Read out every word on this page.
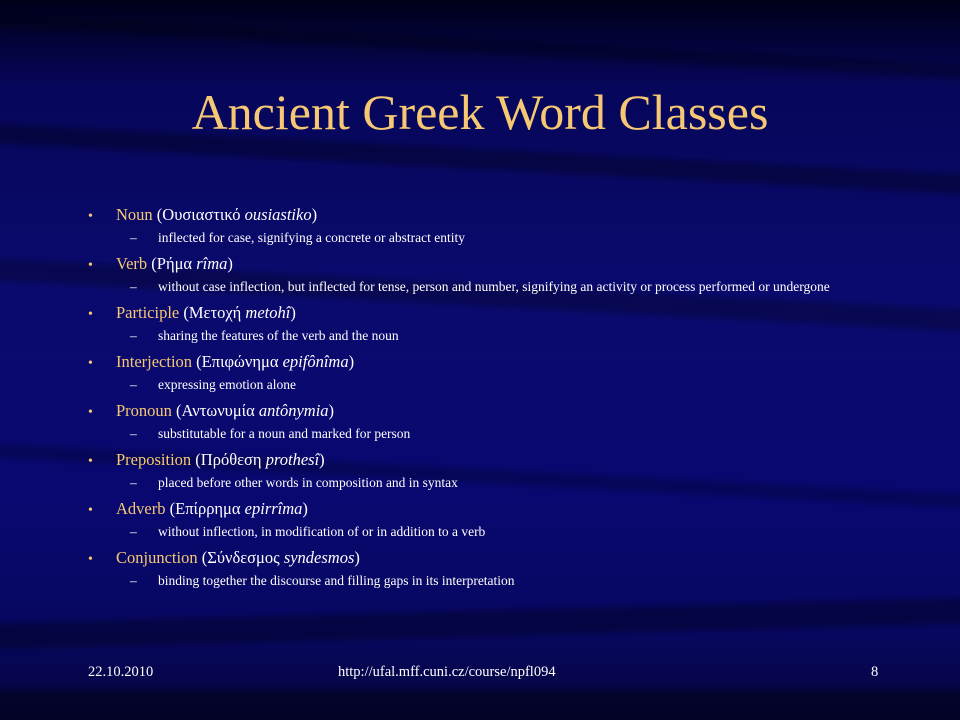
Ancient Greek Word Classes
•	Noun (Ουσιαστικό ousiastiko)
–	inflected for case, signifying a concrete or abstract entity
•	Verb (Ρήμα rîma)
–	without case inflection, but inflected for tense, person and number, signifying an activity or process performed or undergone
•	Participle (Μετοχή metohî)
–	sharing the features of the verb and the noun
•	Interjection (Επιφώνημα epifônîma)
–	expressing emotion alone
•	Pronoun (Αντωνυμία antônymia)
–	substitutable for a noun and marked for person
•	Preposition (Πρόθεση prothesî)
–	placed before other words in composition and in syntax
•	Adverb (Επίρρημα epirrîma)
–	without inflection, in modification of or in addition to a verb
•	Conjunction (Σύνδεσμος syndesmos)
–	binding together the discourse and filling gaps in its interpretation
22.10.2010	http://ufal.mff.cuni.cz/course/npfl094	8
